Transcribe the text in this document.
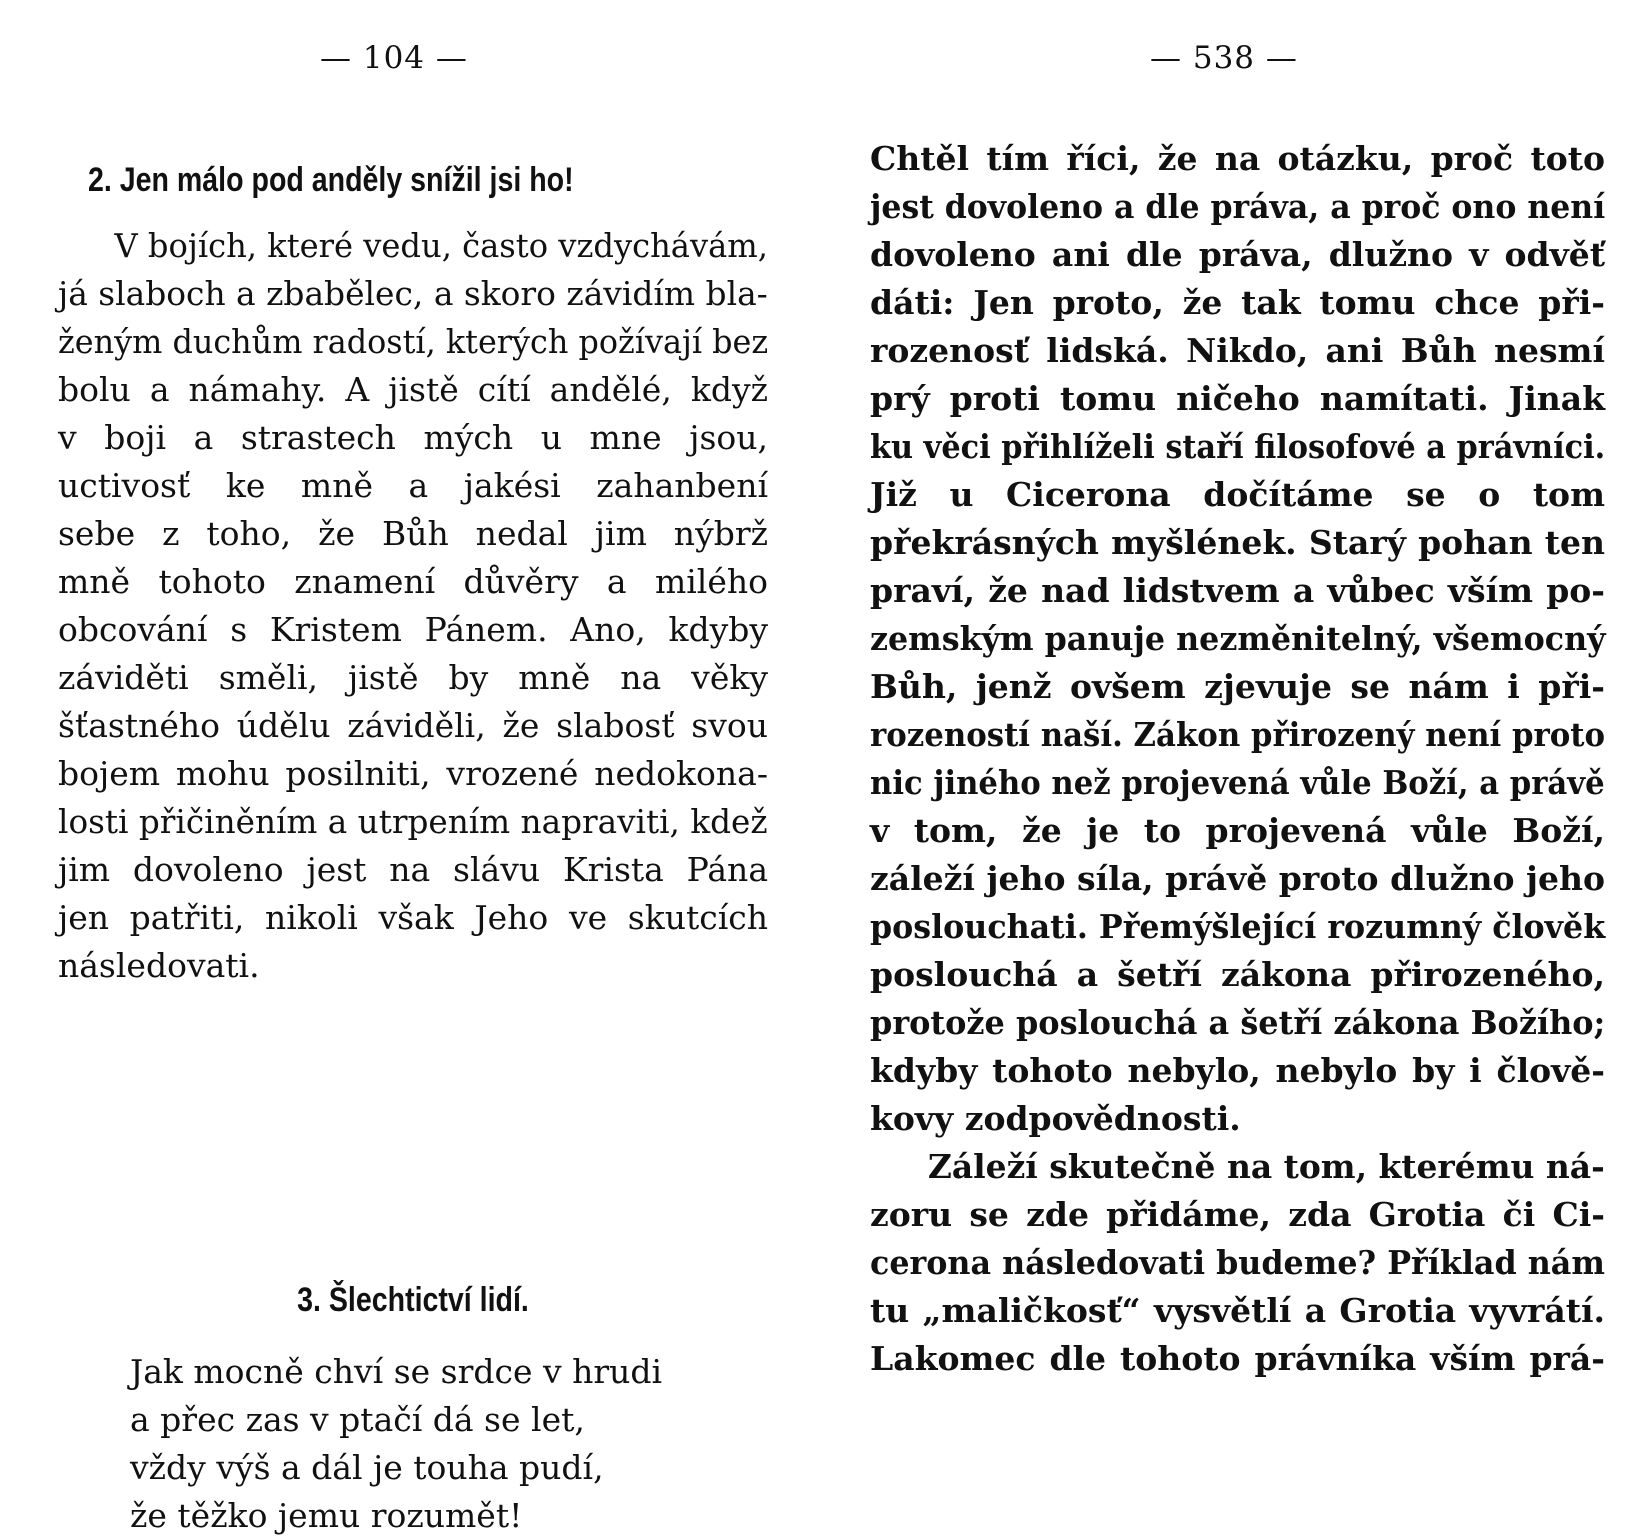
— 104 —	— 538 —
2. Jen málo pod anděly snížil jsi ho!
V bojích, které vedu, často vzdychávám,
já slaboch a zbabělec, a skoro závidím bla-
ženým duchům radostí, kterých požívají bez
bolu a námahy. A jistě cítí andělé, když
v boji a strastech mých u mne jsou,
uctivosť ke mně a jakési zahanbení
sebe z toho, že Bůh nedal jim nýbrž
mně tohoto znamení důvěry a milého
obcování s Kristem Pánem. Ano, kdyby
záviděti směli, jistě by mně na věky
šťastného údělu záviděli, že slabosť svou
bojem mohu posilniti, vrozené nedokona-
losti přičiněním a utrpením napraviti, kdež
jim dovoleno jest na slávu Krista Pána
jen patřiti, nikoli však Jeho ve skutcích
následovati.
3. Šlechtictví lidí.
Jak mocně chví se srdce v hrudi
a přec zas v ptačí dá se let,
vždy výš a dál je touha pudí,
že těžko jemu rozumět!
Chtěl tím říci, že na otázku, proč toto
jest dovoleno a dle práva, a proč ono není
dovoleno ani dle práva, dlužno v odvěť
dáti: Jen proto, že tak tomu chce při-
rozenosť lidská. Nikdo, ani Bůh nesmí
prý proti tomu ničeho namítati. Jinak
ku věci přihlíželi staří filosofové a právníci.
Již u Cicerona dočítáme se o tom
překrásných myšlének. Starý pohan ten
praví, že nad lidstvem a vůbec vším po-
zemským panuje nezměnitelný, všemocný
Bůh, jenž ovšem zjevuje se nám i při-
rozeností naší. Zákon přirozený není proto
nic jiného než projevená vůle Boží, a právě
v tom, že je to projevená vůle Boží,
záleží jeho síla, právě proto dlužno jeho
poslouchati. Přemýšlející rozumný člověk
poslouchá a šetří zákona přirozeného,
protože poslouchá a šetří zákona Božího;
kdyby tohoto nebylo, nebylo by i člově-
kovy zodpovědnosti.
Záleží skutečně na tom, kterému ná-
zoru se zde přidáme, zda Grotia či Ci-
cerona následovati budeme? Příklad nám
tu „maličkosť“ vysvětlí a Grotia vyvrátí.
Lakomec dle tohoto právníka vším prá-
